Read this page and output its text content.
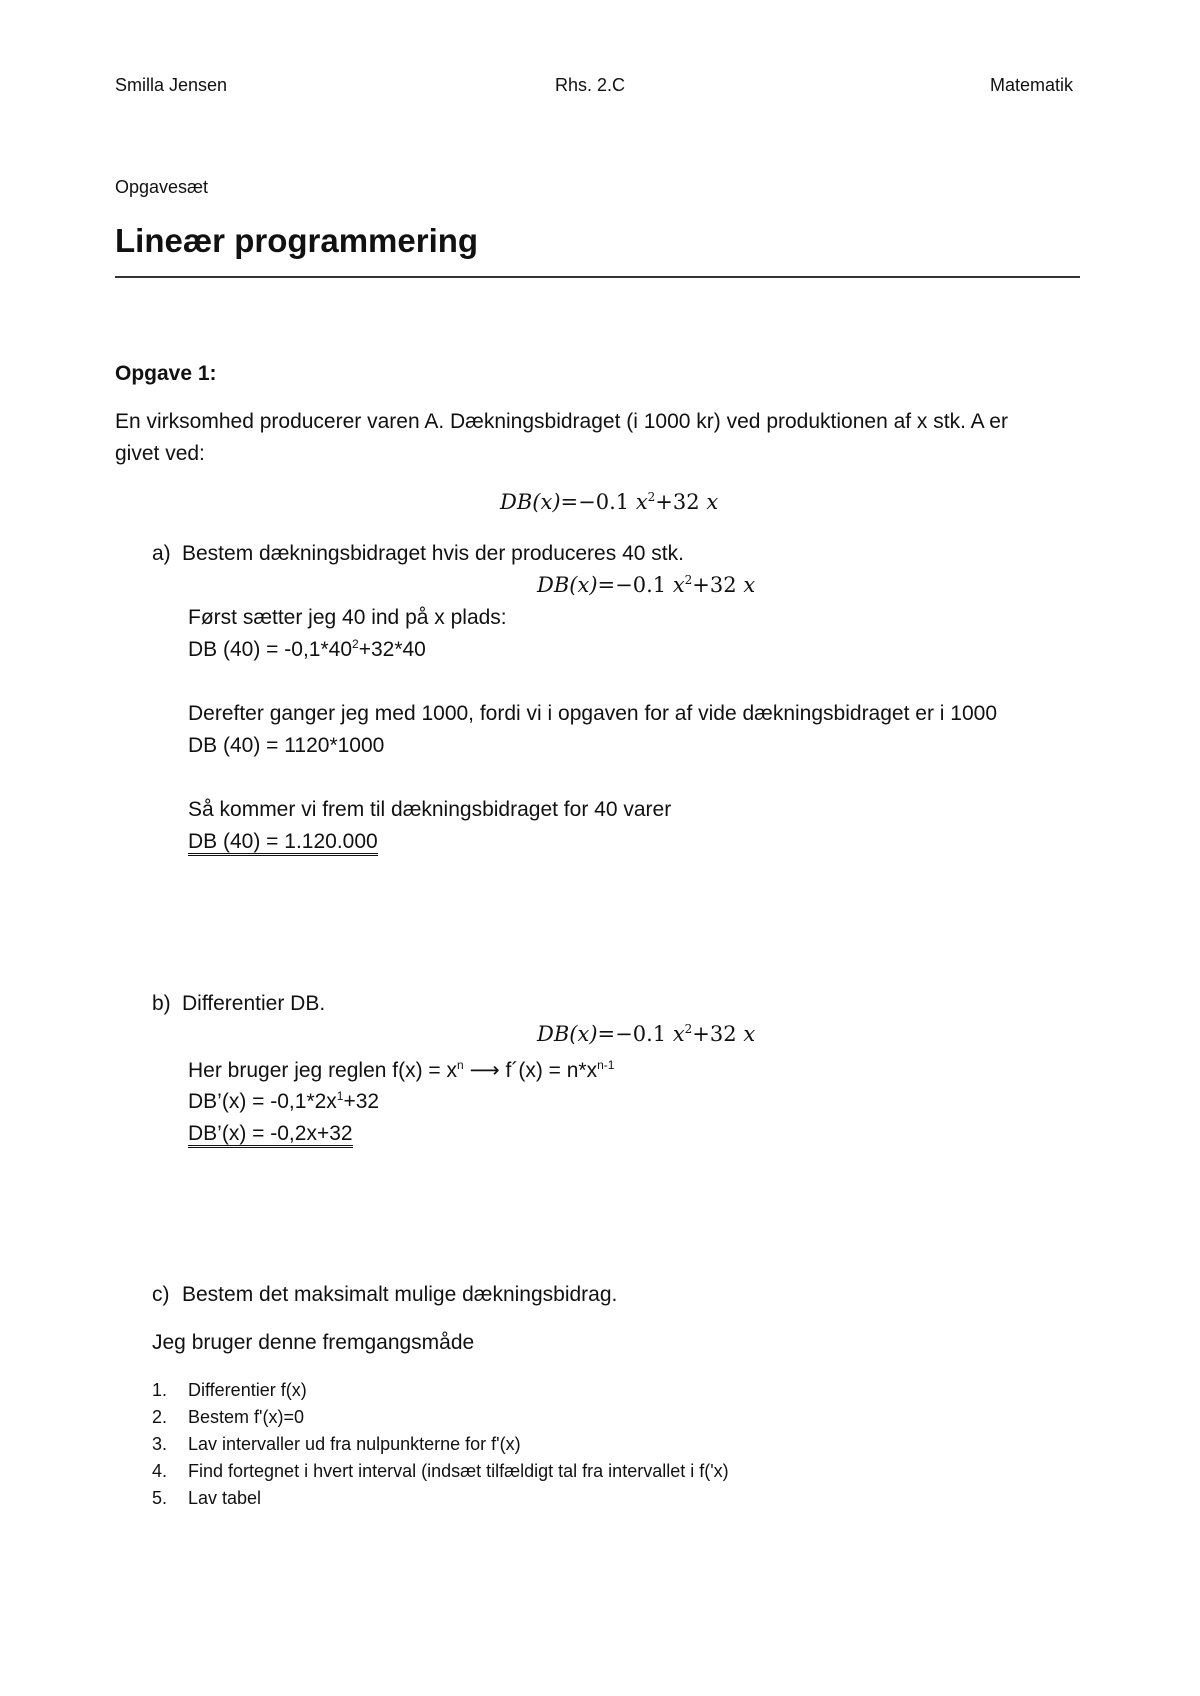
Smilla Jensen	Rhs. 2.C	Matematik
Opgavesæt
Lineær programmering
Opgave 1:
En virksomhed producerer varen A. Dækningsbidraget (i 1000 kr) ved produktionen af x stk. A er
givet ved:
DB(x)=−0.1 $x^2+32$ x
a) Bestem dækningsbidraget hvis der produceres 40 stk.
DB(x)=−0.1 $x^2+32$ x
Først sætter jeg 40 ind på x plads:
DB $(40) = -0,1*40^2+32*40$
Derefter ganger jeg med 1000, fordi vi i opgaven for af vide dækningsbidraget er i 1000
DB (40) = 1120*1000
Så kommer vi frem til dækningsbidraget for 40 varer
DB (40) = 1.120.000
b) Differentier DB.
DB(x)=−0.1 $x^2+32$ x
Her bruger jeg reglen $f(x) = x^n$ ⟶ f´(x) = $n*x^{n-1}$
DB’(x) = $-0,1*2x^1+32$
DB’(x) = -0,2x+32
c) Bestem det maksimalt mulige dækningsbidrag.
Jeg bruger denne fremgangsmåde
1. Differentier f(x)
2. Bestem f'(x)=0
3. Lav intervaller ud fra nulpunkterne for f'(x)
4. Find fortegnet i hvert interval (indsæt tilfældigt tal fra intervallet i f('x)
5. Lav tabel
